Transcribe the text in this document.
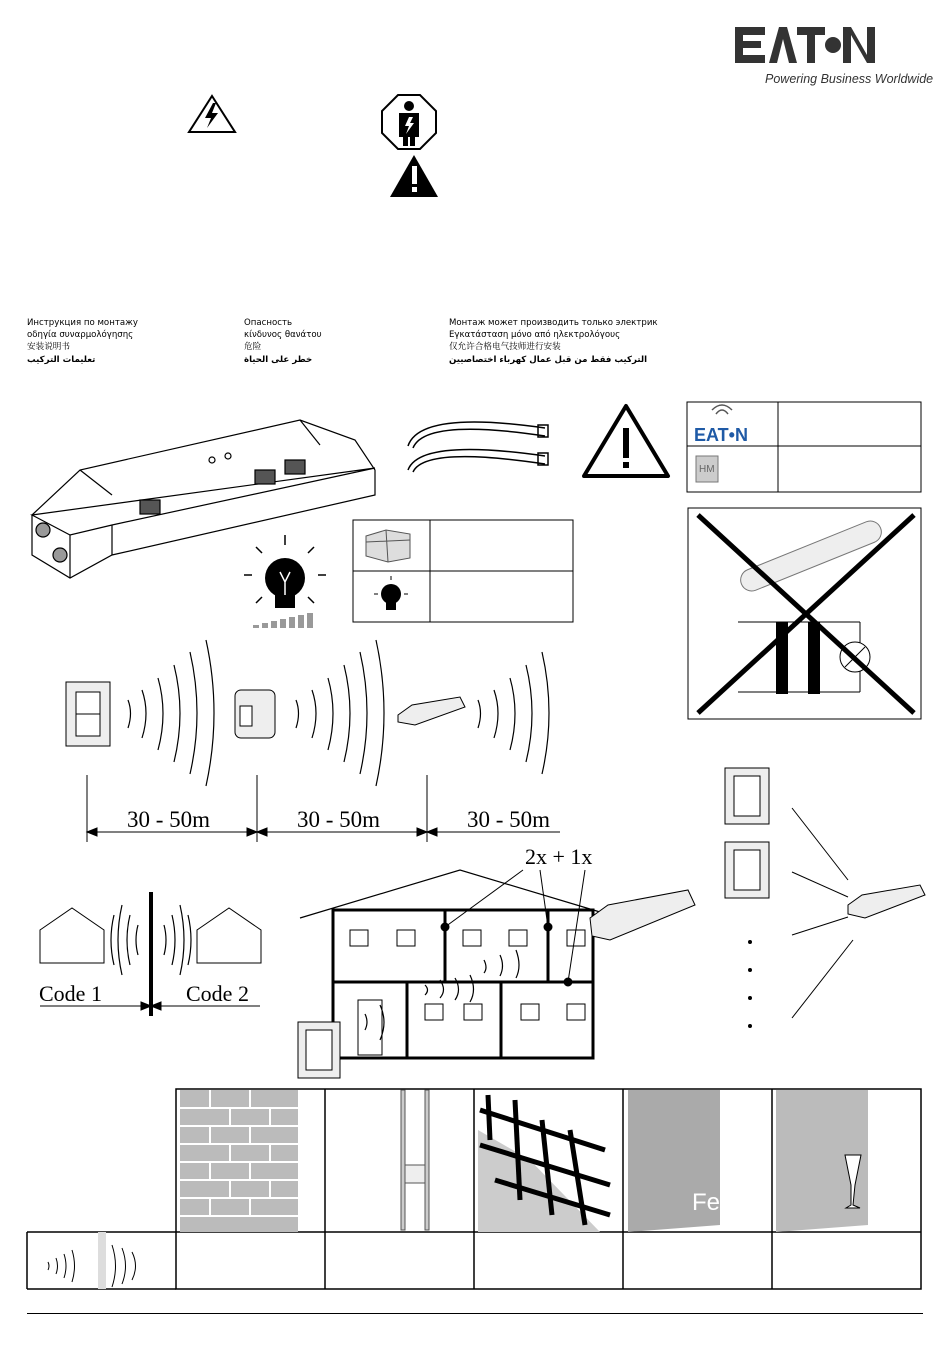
Powering Business Worldwide
EAT•N
HM
Инструкция по монтажу
οδηγία συναρμολόγησης
安装说明书
تعليمات التركيب
Опасность
κίνδυνος θανάτου
危险
خطر على الحياة
Монтаж может производить только электрик
Εγκατάσταση μόνο από ηλεκτρολόγους
仅允许合格电气技师进行安装
التركيب فقط من قبل عمال كهرباء اختصاصيين
30 - 50m	30 - 50m	30 - 50m
Code 1	Code 2
2x + 1x
Fe
